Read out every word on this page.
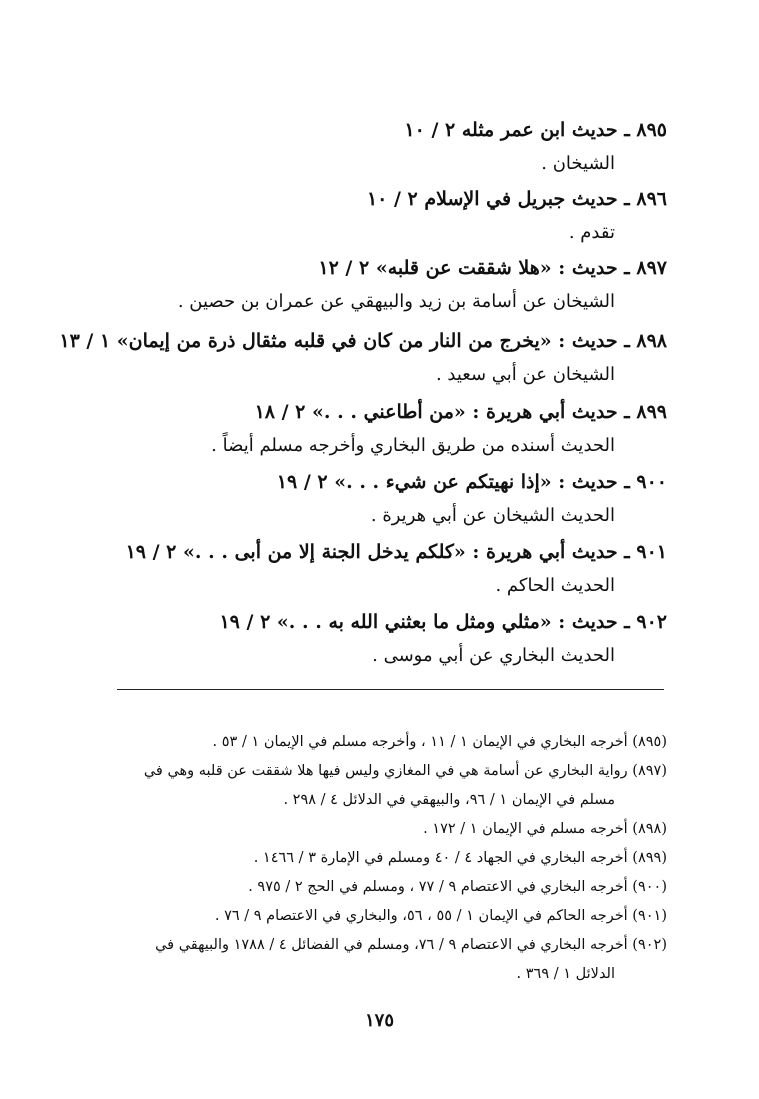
٨٩٥ ـ حديث ابن عمر مثله ٢ / ١٠
الشيخان .
٨٩٦ ـ حديث جبريل في الإسلام ٢ / ١٠
تقدم .
٨٩٧ ـ حديث : «هلا شققت عن قلبه» ٢ / ١٢
الشيخان عن أسامة بن زيد والبيهقي عن عمران بن حصين .
٨٩٨ ـ حديث : «يخرج من النار من كان في قلبه مثقال ذرة من إيمان» ١ / ١٣
الشيخان عن أبي سعيد .
٨٩٩ ـ حديث أبي هريرة : «من أطاعني . . .» ٢ / ١٨
الحديث أسنده من طريق البخاري وأخرجه مسلم أيضاً .
٩٠٠ ـ حديث : «إذا نهيتكم عن شيء . . .» ٢ / ١٩
الحديث الشيخان عن أبي هريرة .
٩٠١ ـ حديث أبي هريرة : «كلكم يدخل الجنة إلا من أبى . . .» ٢ / ١٩
الحديث الحاكم .
٩٠٢ ـ حديث : «مثلي ومثل ما بعثني الله به . . .» ٢ / ١٩
الحديث البخاري عن أبي موسى .
(٨٩٥) أخرجه البخاري في الإيمان ١ / ١١ ، وأخرجه مسلم في الإيمان ١ / ٥٣ .
(٨٩٧) رواية البخاري عن أسامة هي في المغازي وليس فيها هلا شققت عن قلبه وهي في
مسلم في الإيمان ١ / ٩٦، والبيهقي في الدلائل ٤ / ٢٩٨ .
(٨٩٨) أخرجه مسلم في الإيمان ١ / ١٧٢ .
(٨٩٩) أخرجه البخاري في الجهاد ٤ / ٤٠ ومسلم في الإمارة ٣ / ١٤٦٦ .
(٩٠٠) أخرجه البخاري في الاعتصام ٩ / ٧٧ ، ومسلم في الحج ٢ / ٩٧٥ .
(٩٠١) أخرجه الحاكم في الإيمان ١ / ٥٥ ، ٥٦، والبخاري في الاعتصام ٩ / ٧٦ .
(٩٠٢) أخرجه البخاري في الاعتصام ٩ / ٧٦، ومسلم في الفضائل ٤ / ١٧٨٨ والبيهقي في
الدلائل ١ / ٣٦٩ .
١٧٥
